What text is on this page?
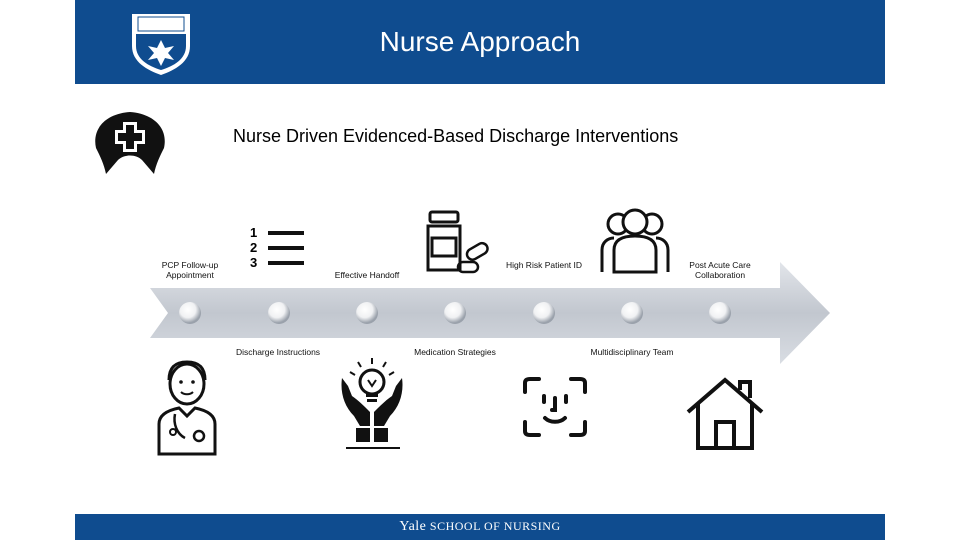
Nurse Approach
Nurse Driven Evidenced-Based Discharge Interventions
PCP Follow-up Appointment	Effective Handoff
High Risk Patient ID	Post Acute Care Collaboration
Discharge Instructions	Medication Strategies	Multidisciplinary Team
1
2
3
Yale SCHOOL OF NURSING
